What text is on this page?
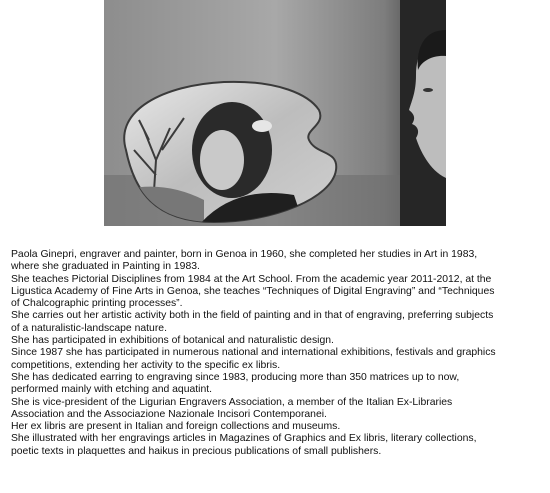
Paola Ginepri, engraver and painter, born in Genoa in 1960, she completed her studies in Art in 1983,

where she graduated in Painting in 1983.

She teaches Pictorial Disciplines from 1984 at the Art School. From the academic year 2011-2012, at the

Ligustica Academy of Fine Arts in Genoa, she teaches “Techniques of Digital Engraving” and “Techniques

of Chalcographic printing processes”.

She carries out her artistic activity both in the field of painting and in that of engraving, preferring subjects

of a naturalistic-landscape nature.

She has participated in exhibitions of botanical and naturalistic design.

Since 1987 she has participated in numerous national and international exhibitions, festivals and graphics

competitions, extending her activity to the specific ex libris.

She has dedicated earring to engraving since 1983, producing more than 350 matrices up to now,

performed mainly with etching and aquatint.

She is vice-president of the Ligurian Engravers Association, a member of the Italian Ex-Libraries

Association and the Associazione Nazionale Incisori Contemporanei.

Her ex libris are present in Italian and foreign collections and museums.

She illustrated with her engravings articles in Magazines of Graphics and Ex libris, literary collections,

poetic texts in plaquettes and haikus in precious publications of small publishers.
